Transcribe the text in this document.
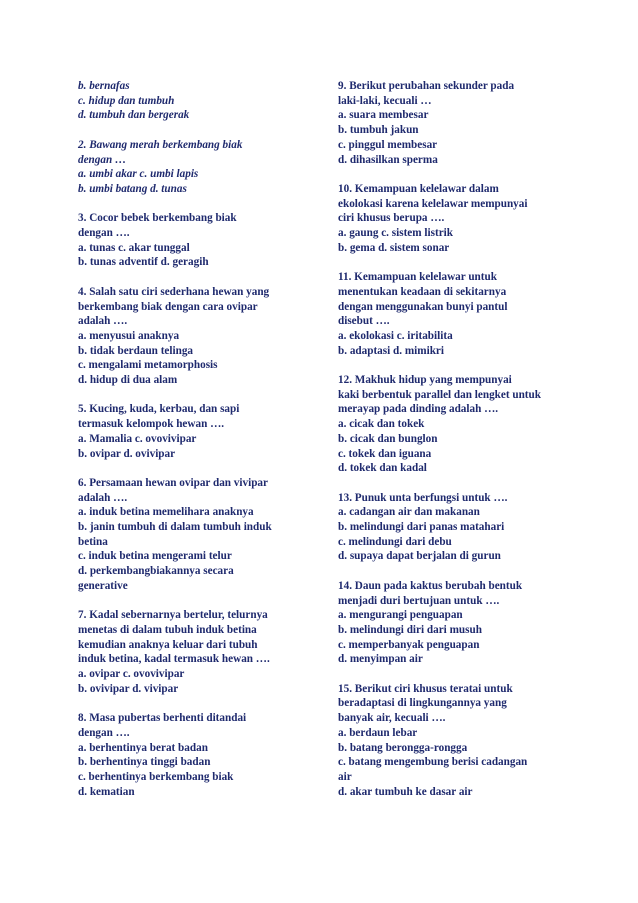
b. bernafas
c. hidup dan tumbuh
d. tumbuh dan bergerak
2. Bawang merah berkembang biak
dengan …
a. umbi akar c. umbi lapis
b. umbi batang d. tunas
3. Cocor bebek berkembang biak
dengan ….
a. tunas c. akar tunggal
b. tunas adventif d. geragih
4. Salah satu ciri sederhana hewan yang
berkembang biak dengan cara ovipar
adalah ….
a. menyusui anaknya
b. tidak berdaun telinga
c. mengalami metamorphosis
d. hidup di dua alam
5. Kucing, kuda, kerbau, dan sapi
termasuk kelompok hewan ….
a. Mamalia c. ovovivipar
b. ovipar d. ovivipar
6. Persamaan hewan ovipar dan vivipar
adalah ….
a. induk betina memelihara anaknya
b. janin tumbuh di dalam tumbuh induk
betina
c. induk betina mengerami telur
d. perkembangbiakannya secara
generative
7. Kadal sebernarnya bertelur, telurnya
menetas di dalam tubuh induk betina
kemudian anaknya keluar dari tubuh
induk betina, kadal termasuk hewan ….
a. ovipar c. ovovivipar
b. ovivipar d. vivipar
8. Masa pubertas berhenti ditandai
dengan ….
a. berhentinya berat badan
b. berhentinya tinggi badan
c. berhentinya berkembang biak
d. kematian
9. Berikut perubahan sekunder pada
laki-laki, kecuali …
a. suara membesar
b. tumbuh jakun
c. pinggul membesar
d. dihasilkan sperma
10. Kemampuan kelelawar dalam
ekolokasi karena kelelawar mempunyai
ciri khusus berupa ….
a. gaung c. sistem listrik
b. gema d. sistem sonar
11. Kemampuan kelelawar untuk
menentukan keadaan di sekitarnya
dengan menggunakan bunyi pantul
disebut ….
a. ekolokasi c. iritabilita
b. adaptasi d. mimikri
12. Makhuk hidup yang mempunyai
kaki berbentuk parallel dan lengket untuk
merayap pada dinding adalah ….
a. cicak dan tokek
b. cicak dan bunglon
c. tokek dan iguana
d. tokek dan kadal
13. Punuk unta berfungsi untuk ….
a. cadangan air dan makanan
b. melindungi dari panas matahari
c. melindungi dari debu
d. supaya dapat berjalan di gurun
14. Daun pada kaktus berubah bentuk
menjadi duri bertujuan untuk ….
a. mengurangi penguapan
b. melindungi diri dari musuh
c. memperbanyak penguapan
d. menyimpan air
15. Berikut ciri khusus teratai untuk
beradaptasi di lingkungannya yang
banyak air, kecuali ….
a. berdaun lebar
b. batang berongga-rongga
c. batang mengembung berisi cadangan
air
d. akar tumbuh ke dasar air
